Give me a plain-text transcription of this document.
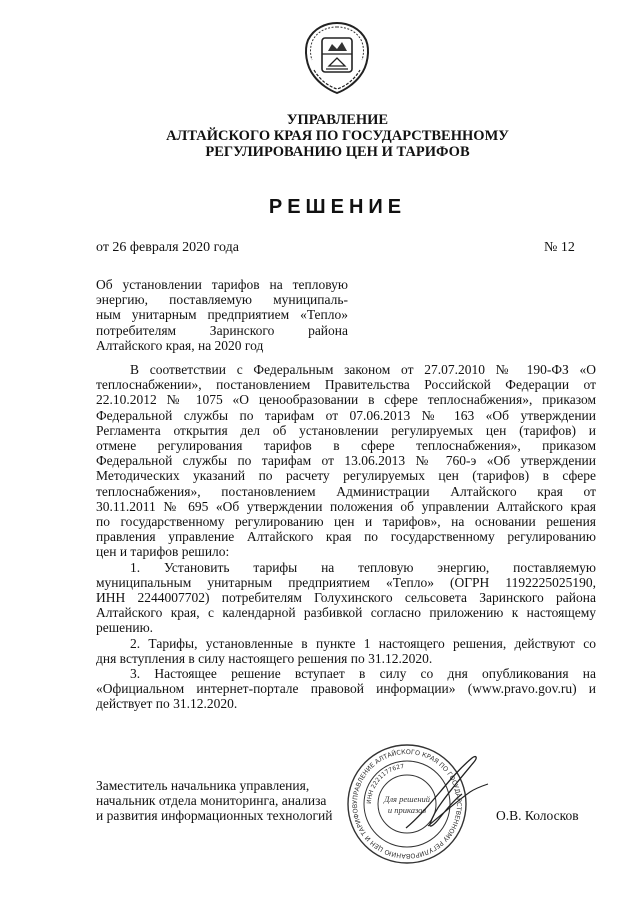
УПРАВЛЕНИЕ
АЛТАЙСКОГО КРАЯ ПО ГОСУДАРСТВЕННОМУ
РЕГУЛИРОВАНИЮ ЦЕН И ТАРИФОВ
РЕШЕНИЕ
от 26 февраля 2020 года	№ 12
Об установлении тарифов на тепловую
энергию, поставляемую муниципаль-
ным унитарным предприятием «Тепло»
потребителям Заринского района
Алтайского края, на 2020 год
В соответствии с Федеральным законом от 27.07.2010 № 190-ФЗ «О
теплоснабжении», постановлением Правительства Российской Федерации от
22.10.2012 № 1075 «О ценообразовании в сфере теплоснабжения», приказом
Федеральной службы по тарифам от 07.06.2013 № 163 «Об утверждении
Регламента открытия дел об установлении регулируемых цен (тарифов) и
отмене регулирования тарифов в сфере теплоснабжения», приказом
Федеральной службы по тарифам от 13.06.2013 № 760-э «Об утверждении
Методических указаний по расчету регулируемых цен (тарифов) в сфере
теплоснабжения», постановлением Администрации Алтайского края от
30.11.2011 № 695 «Об утверждении положения об управлении Алтайского края
по государственному регулированию цен и тарифов», на основании решения
правления управление Алтайского края по государственному регулированию
цен и тарифов решило:
1. Установить тарифы на тепловую энергию, поставляемую
муниципальным унитарным предприятием «Тепло» (ОГРН 1192225025190,
ИНН 2244007702) потребителям Голухинского сельсовета Заринского района
Алтайского края, с календарной разбивкой согласно приложению к настоящему
решению.
2. Тарифы, установленные в пункте 1 настоящего решения, действуют со
дня вступления в силу настоящего решения по 31.12.2020.
3. Настоящее решение вступает в силу со дня опубликования на
«Официальном интернет-портале правовой информации» (www.pravo.gov.ru) и
действует по 31.12.2020.
Заместитель начальника управления,
начальник отдела мониторинга, анализа
и развития информационных технологий
УПРАВЛЕНИЕ АЛТАЙСКОГО КРАЯ ПО ГОСУДАРСТВЕННОМУ РЕГУЛИРОВАНИЮ ЦЕН И ТАРИФОВ
ИНН 2221177627
Для решений
и приказов	О.В. Колосков
